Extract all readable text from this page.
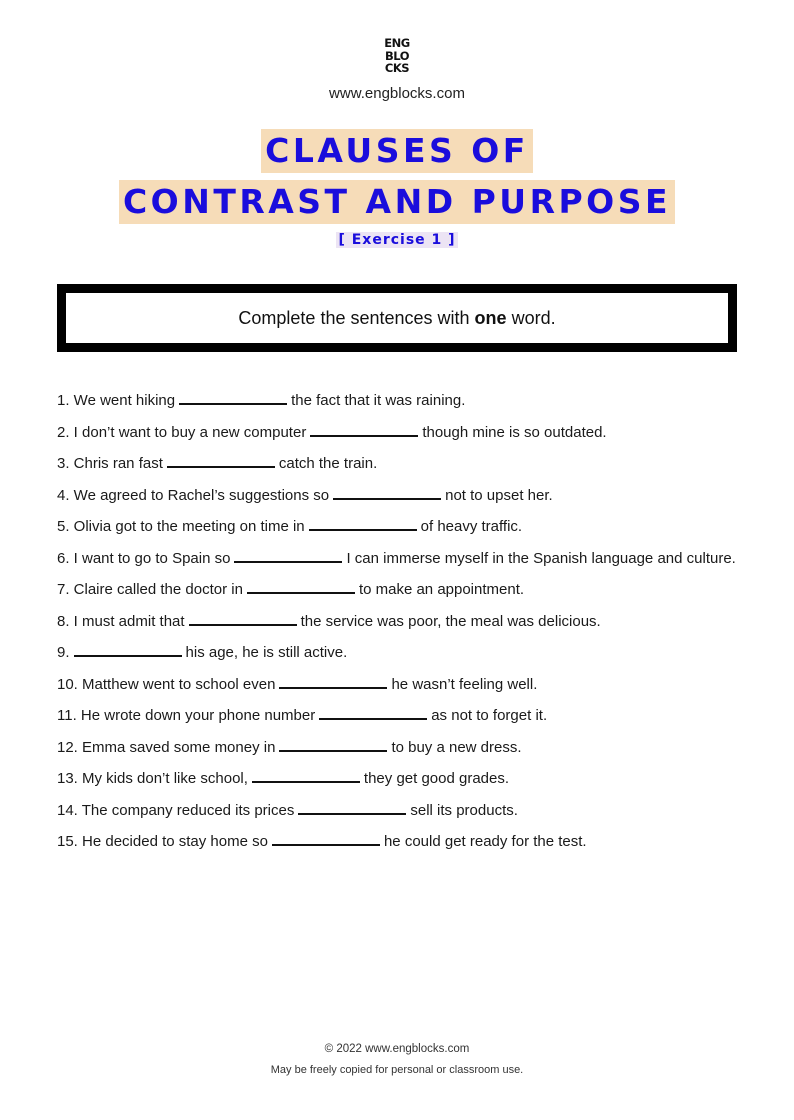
ENG
BLO
CKS
www.engblocks.com
CLAUSES OF
CONTRAST AND PURPOSE
[ Exercise 1 ]
Complete the sentences with one word.
1. We went hiking	the fact that it was raining.
2. I don’t want to buy a new computer	though mine is so outdated.
3. Chris ran fast	catch the train.
4. We agreed to Rachel’s suggestions so	not to upset her.
5. Olivia got to the meeting on time in	of heavy traffic.
6. I want to go to Spain so	I can immerse myself in the Spanish language and culture.
7. Claire called the doctor in	to make an appointment.
8. I must admit that	the service was poor, the meal was delicious.
9.	his age, he is still active.
10. Matthew went to school even	he wasn’t feeling well.
11. He wrote down your phone number	as not to forget it.
12. Emma saved some money in	to buy a new dress.
13. My kids don’t like school,	they get good grades.
14. The company reduced its prices	sell its products.
15. He decided to stay home so	he could get ready for the test.
© 2022 www.engblocks.com
May be freely copied for personal or classroom use.
